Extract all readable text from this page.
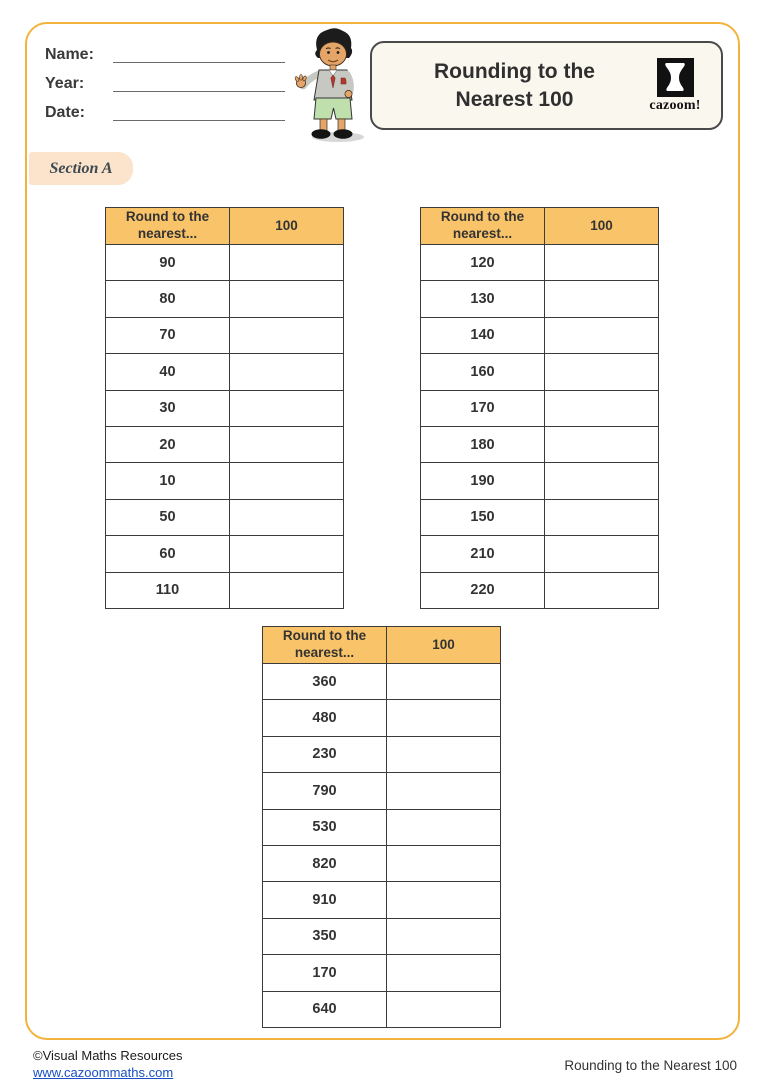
Name:
Year:
Date:
Rounding to the
Nearest 100	cazoom!
Section A
Round to the
nearest...	100
90	
80	
70	
40	
30	
20	
10	
50	
60	
110	
Round to the
nearest...	100
120	
130	
140	
160	
170	
180	
190	
150	
210	
220	
Round to the
nearest...	100
360	
480	
230	
790	
530	
820	
910	
350	
170	
640	
©Visual Maths Resources
www.cazoommaths.com	Rounding to the Nearest 100
